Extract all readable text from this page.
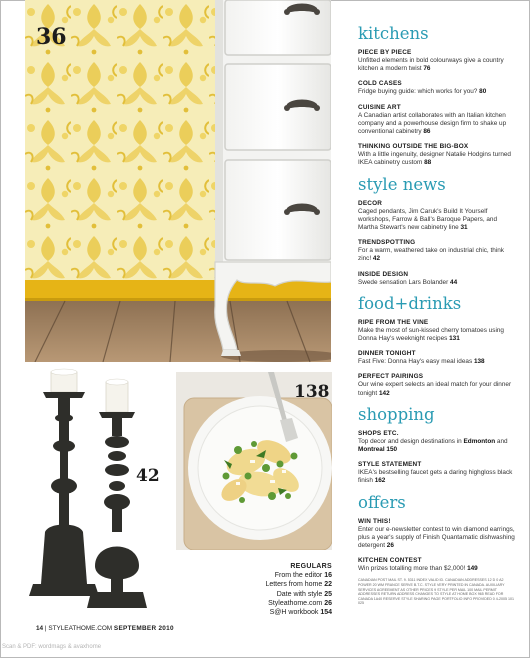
36
42
138
REGULARS
From the editor 16
Letters from home 22
Date with style 25
Styleathome.com 26
S@H workbook 154
kitchens
PIECE BY PIECE
Unfitted elements in bold colourways give a country kitchen a modern twist 76
COLD CASES
Fridge buying guide: which works for you? 80
CUISINE ART
A Canadian artist collaborates with an Italian kitchen company and a powerhouse design firm to shake up conventional cabinetry 86
THINKING OUTSIDE THE BIG-BOX
With a little ingenuity, designer Natalie Hodgins turned IKEA cabinetry custom 88
style news
DECOR
Caged pendants, Jim Caruk's Build It Yourself workshops, Farrow & Ball's Baroque Papers, and Martha Stewart's new cabinetry line 31
TRENDSPOTTING
For a warm, weathered take on industrial chic, think zinc! 42
INSIDE DESIGN
Swede sensation Lars Bolander 44
food+drinks
RIPE FROM THE VINE
Make the most of sun-kissed cherry tomatoes using Donna Hay's weeknight recipes 131
DINNER TONIGHT
Fast Five: Donna Hay's easy meal ideas 138
PERFECT PAIRINGS
Our wine expert selects an ideal match for your dinner tonight 142
shopping
SHOPS ETC.
Top decor and design destinations in Edmonton and Montreal 150
STYLE STATEMENT
IKEA's bestselling faucet gets a daring highgloss black finish 162
offers
WIN THIS!
Enter our e-newsletter contest to win diamond earrings, plus a year's supply of Finish Quantamatic dishwashing detergent 26
KITCHEN CONTEST
Win prizes totalling more than $2,000! 149
CANADIAN POST MAIL ST. 9. 5311 INDEX VALID ID. CANADIAN ADDRESSES 12 D 0 A2 POWER 20 WM FRANCE SERVE B.T.C. STYLE VERY PRINTED IN CANADA. AUXILIARY SERVICES AGREEMENT AS OTHER PRICES 9 STYLE PER MAIL 100 MAIL PERMIT ADDRESSES RETURN ADDRESS CHANGES TO STYLE AT HOME BOX 965 READ FOR CANADA 1A40 RESERVE STYLE SHARING PAGE PORTFOLIO INFO PROVIDED 0 4-2005 101 025
14 | STYLEATHOME.COM SEPTEMBER 2010
Scan & PDF: wordmags & avaxhome
